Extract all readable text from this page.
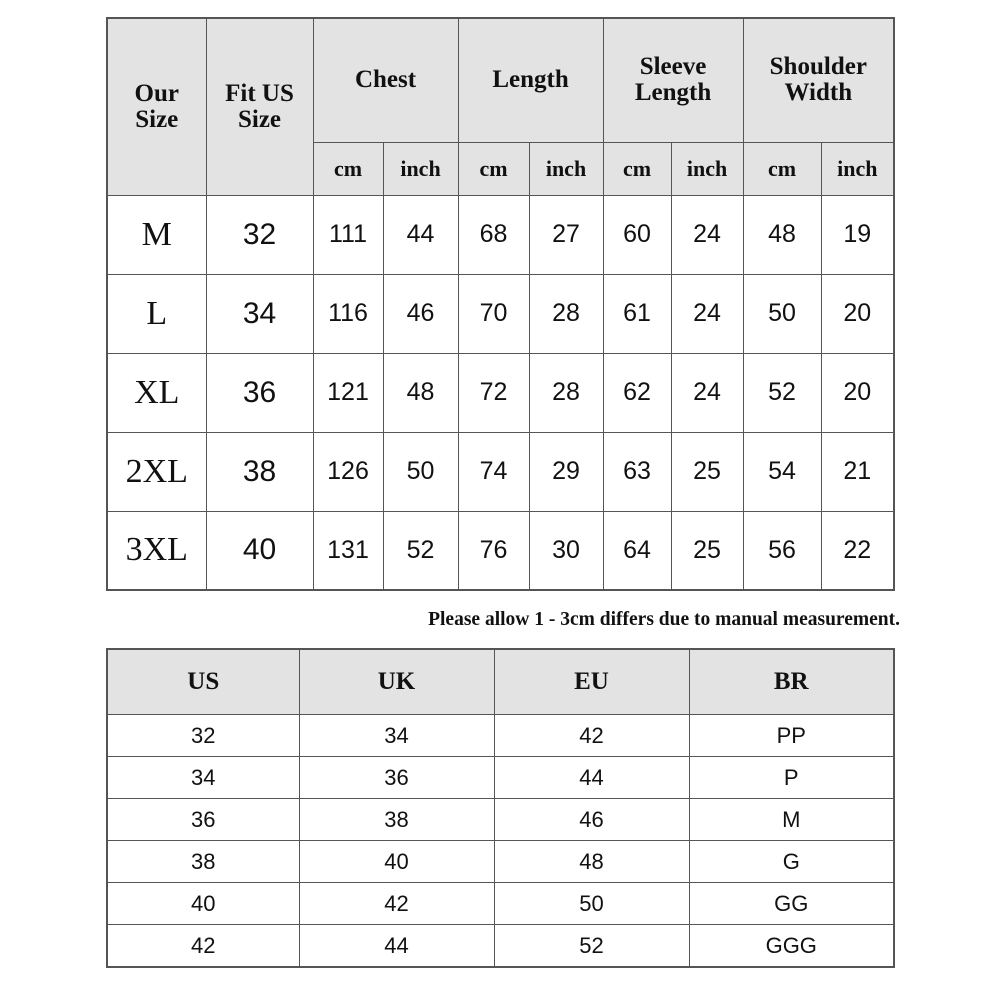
Our Size	Fit US Size	Chest		Length		Sleeve Length		Shoulder Width	
		cm	inch	cm	inch	cm	inch	cm	inch
M	32	111	44	68	27	60	24	48	19
L	34	116	46	70	28	61	24	50	20
XL	36	121	48	72	28	62	24	52	20
2XL	38	126	50	74	29	63	25	54	21
3XL	40	131	52	76	30	64	25	56	22
Please allow 1 - 3cm differs due to manual measurement.
US	UK	EU	BR
32	34	42	PP
34	36	44	P
36	38	46	M
38	40	48	G
40	42	50	GG
42	44	52	GGG
